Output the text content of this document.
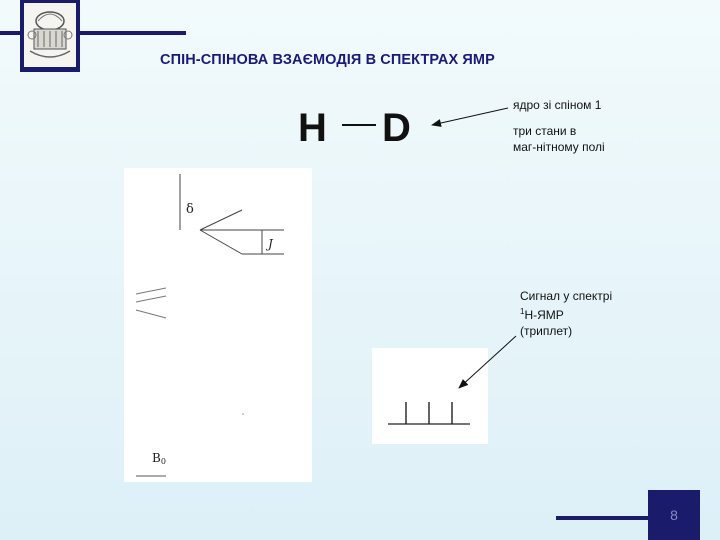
СПІН-СПІНОВА ВЗАЄМОДІЯ В СПЕКТРАХ ЯМР
H D
ядро зі спіном 1
три стани в
маг-нітному полі
δ
J
B0
Сигнал у спектрі
$^1$Н-ЯМР
(триплет)
8
